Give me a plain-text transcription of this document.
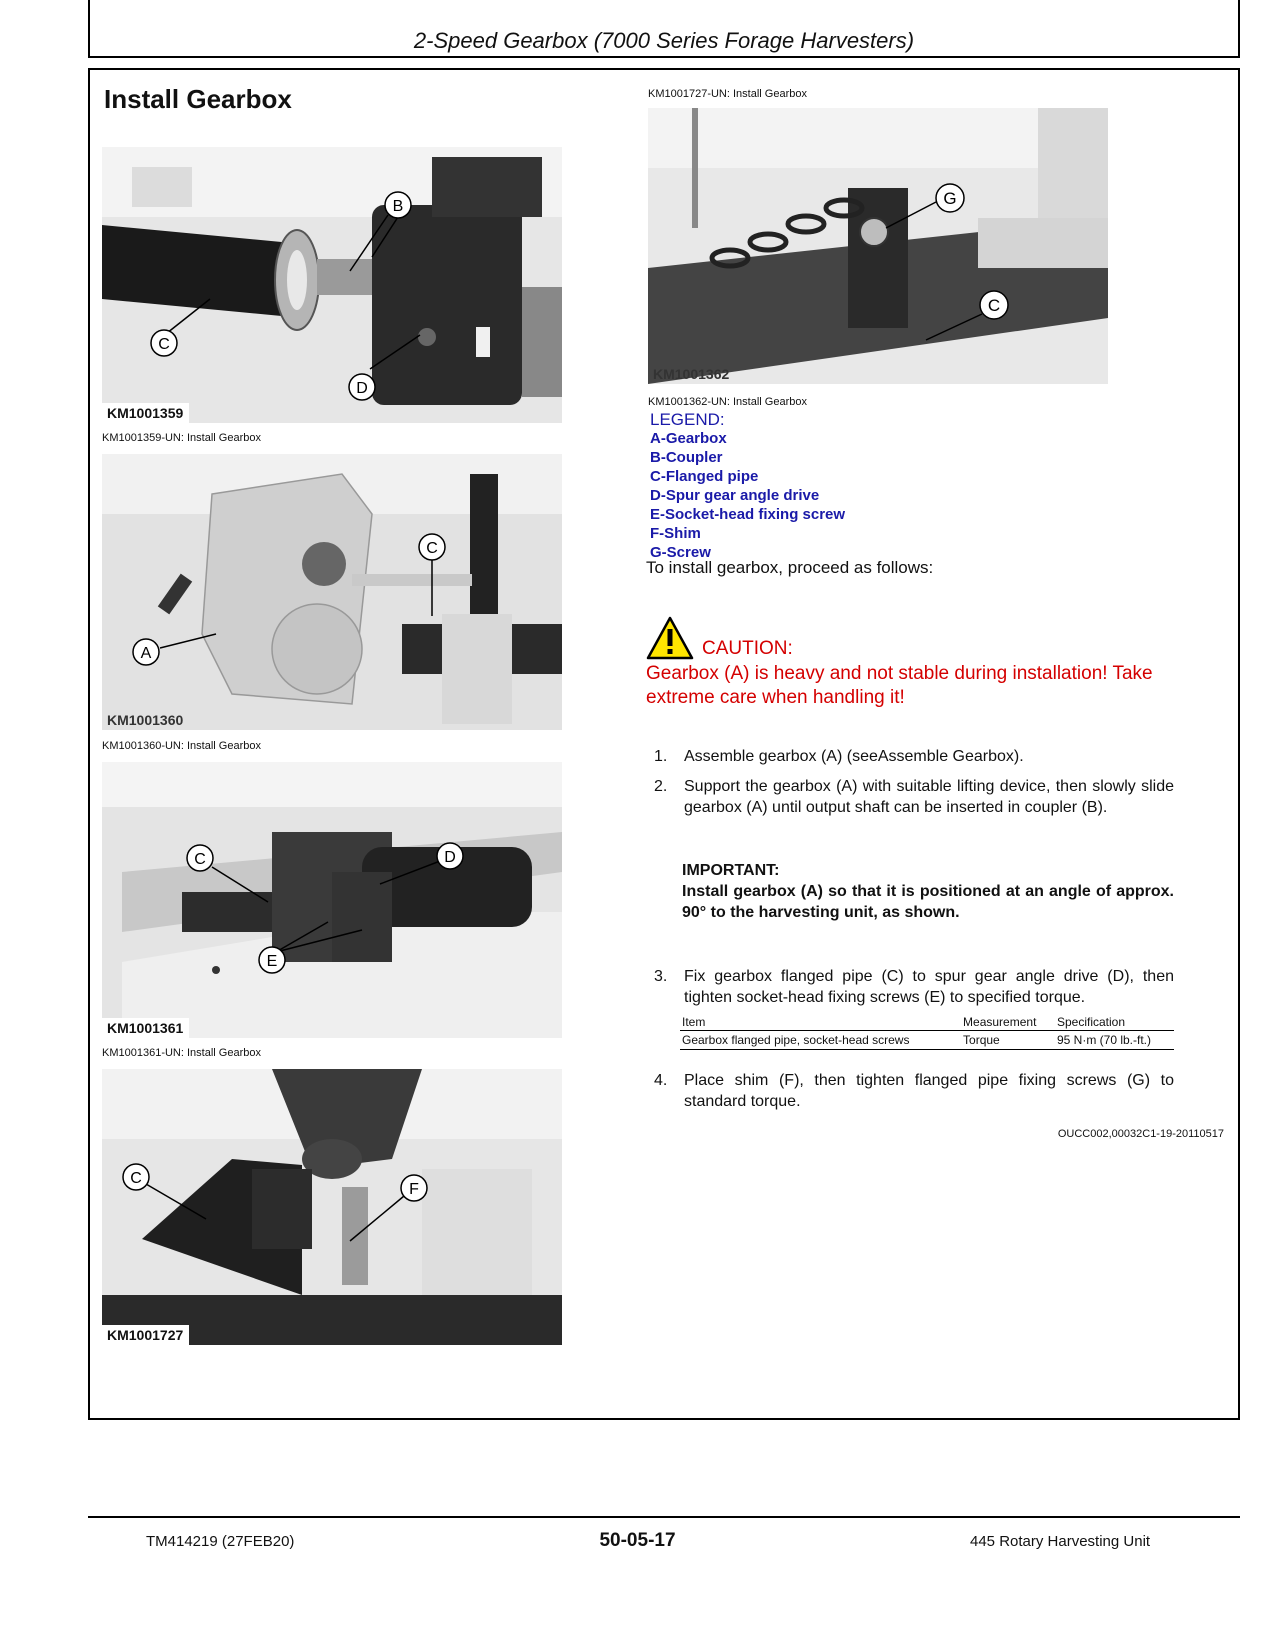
2-Speed Gearbox (7000 Series Forage Harvesters)
Install Gearbox
B
C
D
KM1001359
KM1001359-UN: Install Gearbox
C
A
KM1001360
KM1001360-UN: Install Gearbox
C	D
E
KM1001361
KM1001361-UN: Install Gearbox
C
F
KM1001727
KM1001727-UN: Install Gearbox
G
C
KM1001362
KM1001362-UN: Install Gearbox
LEGEND:
A-Gearbox
B-Coupler
C-Flanged pipe
D-Spur gear angle drive
E-Socket-head fixing screw
F-Shim
G-Screw
To install gearbox, proceed as follows:
CAUTION:
Gearbox (A) is heavy and not stable during installation! Take extreme care when handling it!
1. Assemble gearbox (A) (seeAssemble Gearbox).
2. Support the gearbox (A) with suitable lifting device, then slowly slide gearbox (A) until output shaft can be inserted in coupler (B).
IMPORTANT:
Install gearbox (A) so that it is positioned at an angle of approx. 90° to the harvesting unit, as shown.
3. Fix gearbox flanged pipe (C) to spur gear angle drive (D), then tighten socket-head fixing screws (E) to specified torque.
Item	Measurement	Specification
Gearbox flanged pipe, socket-head screws	Torque	95 N·m (70 lb.-ft.)
4. Place shim (F), then tighten flanged pipe fixing screws (G) to standard torque.
OUCC002,00032C1-19-20110517
TM414219 (27FEB20)	50-05-17	445 Rotary Harvesting Unit
